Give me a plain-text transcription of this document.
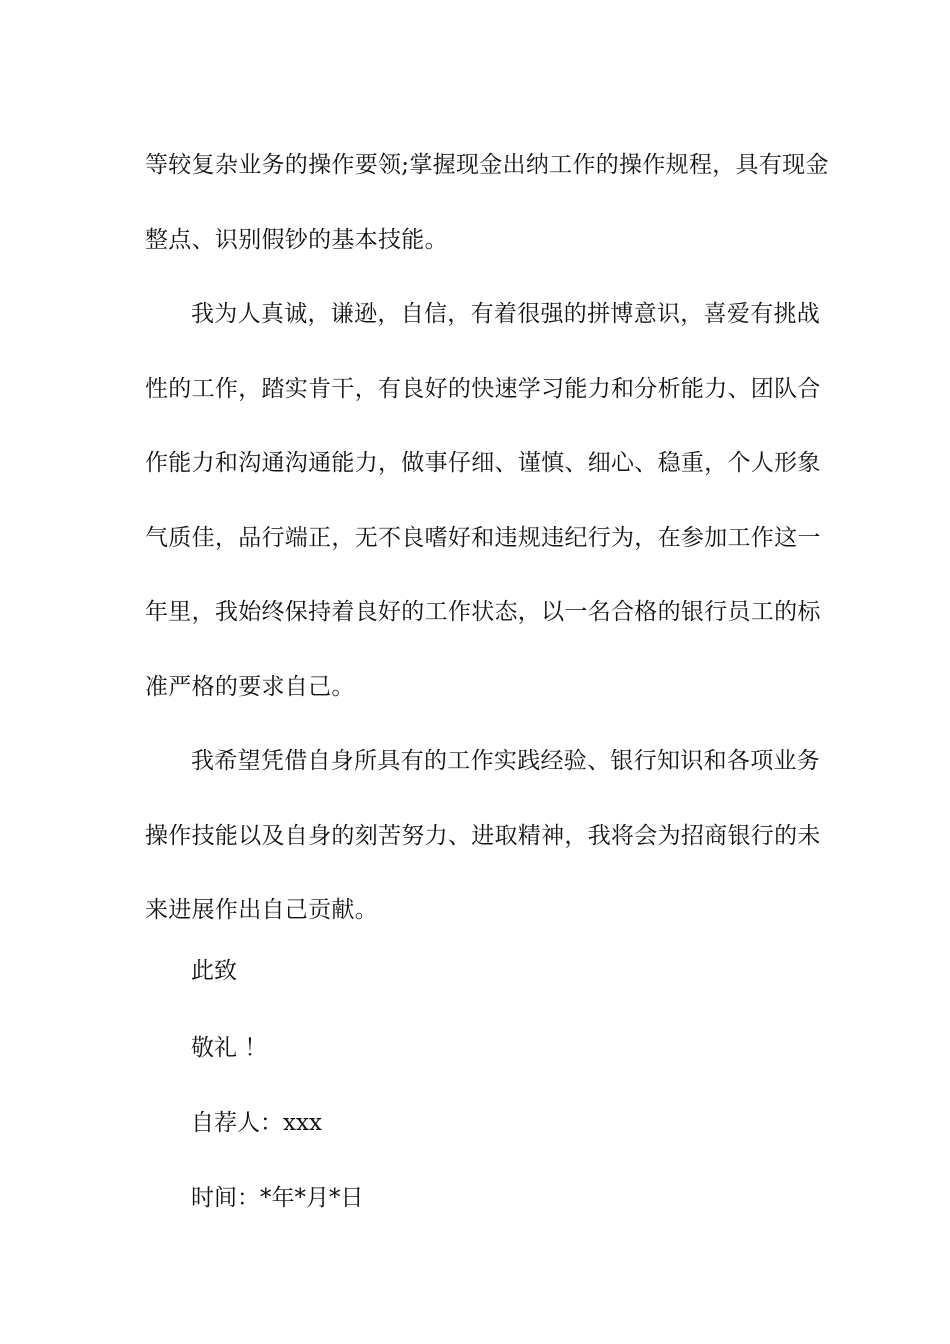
等较复杂业务的操作要领;掌握现金出纳工作的操作规程，具有现金
整点、识别假钞的基本技能。

我为人真诚，谦逊，自信，有着很强的拼博意识，喜爱有挑战
性的工作，踏实肯干，有良好的快速学习能力和分析能力、团队合
作能力和沟通沟通能力，做事仔细、谨慎、细心、稳重，个人形象
气质佳，品行端正，无不良嗜好和违规违纪行为，在参加工作这一
年里，我始终保持着良好的工作状态，以一名合格的银行员工的标
准严格的要求自己。

我希望凭借自身所具有的工作实践经验、银行知识和各项业务
操作技能以及自身的刻苦努力、进取精神，我将会为招商银行的未
来进展作出自己贡献。

此致
敬礼 ！
自荐人：xxx
时间：*年*月*日
